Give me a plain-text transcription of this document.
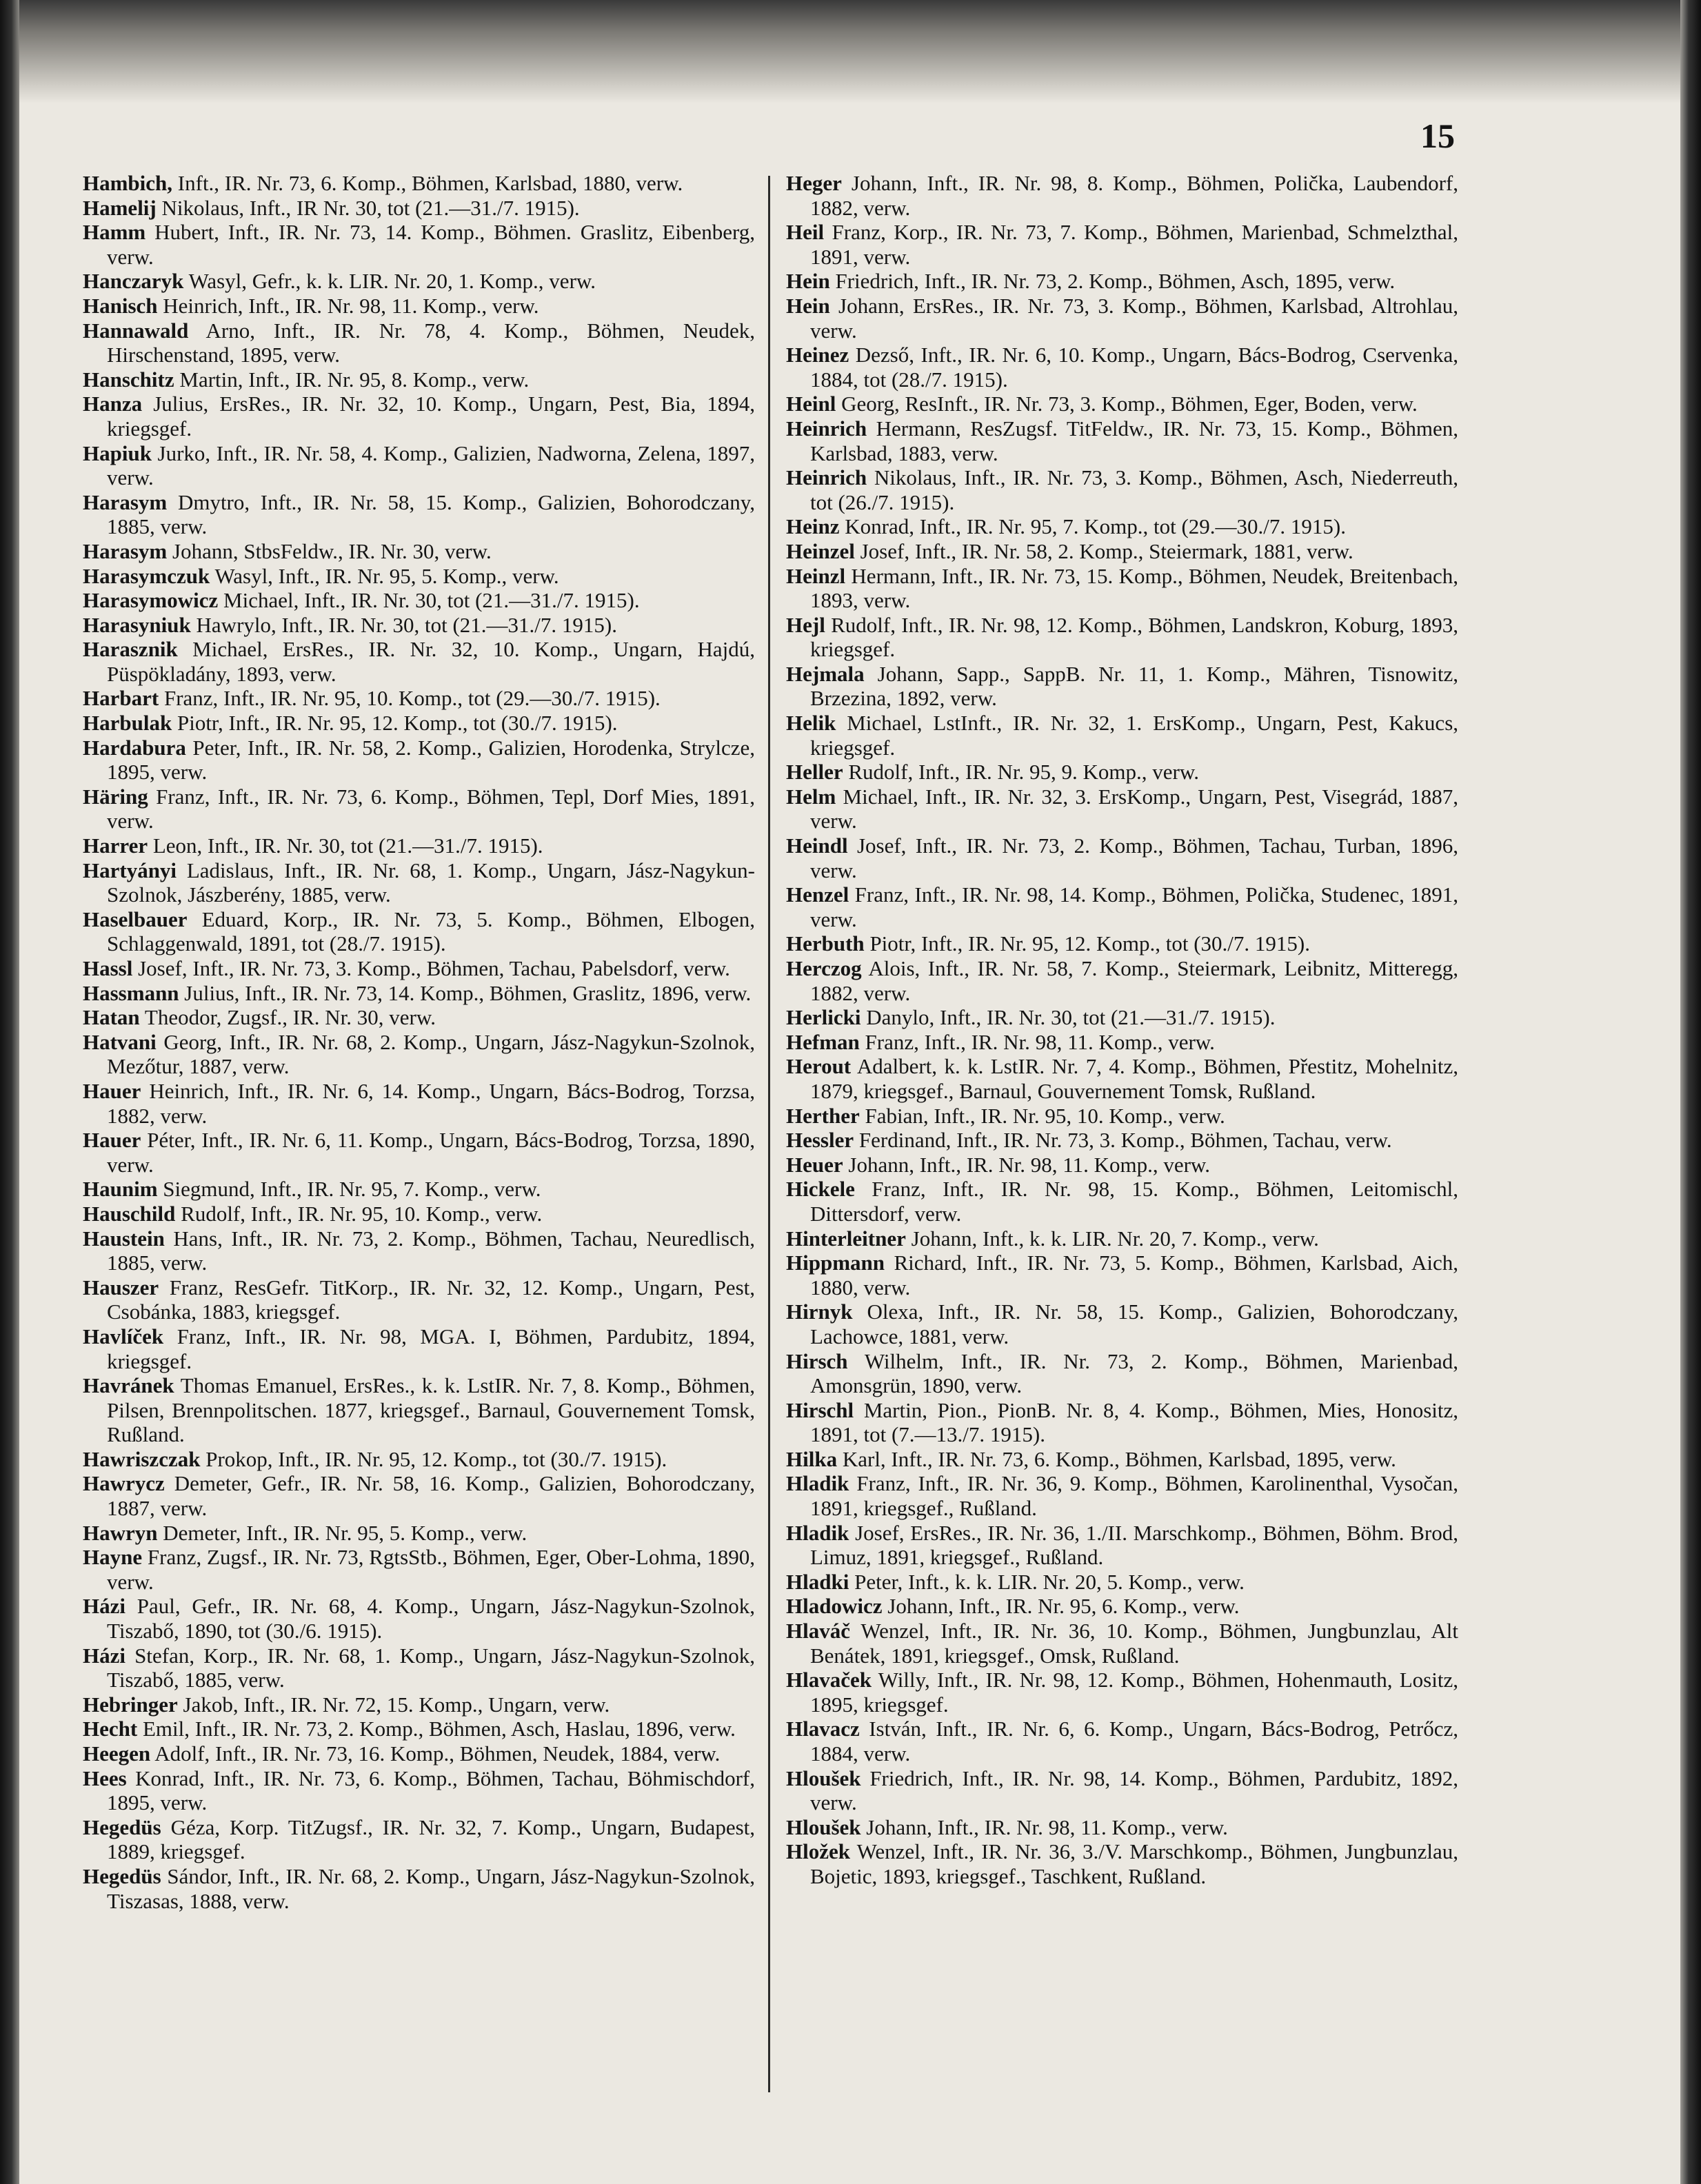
15

Hambich, Inft., IR. Nr. 73, 6. Komp., Böhmen, Karlsbad, 1880, verw.

Hamelij Nikolaus, Inft., IR Nr. 30, tot (21.—31./7. 1915).

Hamm Hubert, Inft., IR. Nr. 73, 14. Komp., Böhmen. Graslitz, Eibenberg, verw.

Hanczaryk Wasyl, Gefr., k. k. LIR. Nr. 20, 1. Komp., verw.

Hanisch Heinrich, Inft., IR. Nr. 98, 11. Komp., verw.

Hannawald Arno, Inft., IR. Nr. 78, 4. Komp., Böhmen, Neudek, Hirschenstand, 1895, verw.

Hanschitz Martin, Inft., IR. Nr. 95, 8. Komp., verw.

Hanza Julius, ErsRes., IR. Nr. 32, 10. Komp., Ungarn, Pest, Bia, 1894, kriegsgef.

Hapiuk Jurko, Inft., IR. Nr. 58, 4. Komp., Galizien, Nadworna, Zelena, 1897, verw.

Harasym Dmytro, Inft., IR. Nr. 58, 15. Komp., Galizien, Bohorodczany, 1885, verw.

Harasym Johann, StbsFeldw., IR. Nr. 30, verw.

Harasymczuk Wasyl, Inft., IR. Nr. 95, 5. Komp., verw.

Harasymowicz Michael, Inft., IR. Nr. 30, tot (21.—31./7. 1915).

Harasyniuk Hawrylo, Inft., IR. Nr. 30, tot (21.—31./7. 1915).

Harasznik Michael, ErsRes., IR. Nr. 32, 10. Komp., Ungarn, Hajdú, Püspökladány, 1893, verw.

Harbart Franz, Inft., IR. Nr. 95, 10. Komp., tot (29.—30./7. 1915).

Harbulak Piotr, Inft., IR. Nr. 95, 12. Komp., tot (30./7. 1915).

Hardabura Peter, Inft., IR. Nr. 58, 2. Komp., Galizien, Horodenka, Strylcze, 1895, verw.

Häring Franz, Inft., IR. Nr. 73, 6. Komp., Böhmen, Tepl, Dorf Mies, 1891, verw.

Harrer Leon, Inft., IR. Nr. 30, tot (21.—31./7. 1915).

Hartyányi Ladislaus, Inft., IR. Nr. 68, 1. Komp., Ungarn, Jász-Nagykun-Szolnok, Jászberény, 1885, verw.

Haselbauer Eduard, Korp., IR. Nr. 73, 5. Komp., Böhmen, Elbogen, Schlaggenwald, 1891, tot (28./7. 1915).

Hassl Josef, Inft., IR. Nr. 73, 3. Komp., Böhmen, Tachau, Pabelsdorf, verw.

Hassmann Julius, Inft., IR. Nr. 73, 14. Komp., Böhmen, Graslitz, 1896, verw.

Hatan Theodor, Zugsf., IR. Nr. 30, verw.

Hatvani Georg, Inft., IR. Nr. 68, 2. Komp., Ungarn, Jász-Nagykun-Szolnok, Mezőtur, 1887, verw.

Hauer Heinrich, Inft., IR. Nr. 6, 14. Komp., Ungarn, Bács-Bodrog, Torzsa, 1882, verw.

Hauer Péter, Inft., IR. Nr. 6, 11. Komp., Ungarn, Bács-Bodrog, Torzsa, 1890, verw.

Haunim Siegmund, Inft., IR. Nr. 95, 7. Komp., verw.

Hauschild Rudolf, Inft., IR. Nr. 95, 10. Komp., verw.

Haustein Hans, Inft., IR. Nr. 73, 2. Komp., Böhmen, Tachau, Neuredlisch, 1885, verw.

Hauszer Franz, ResGefr. TitKorp., IR. Nr. 32, 12. Komp., Ungarn, Pest, Csobánka, 1883, kriegsgef.

Havlíček Franz, Inft., IR. Nr. 98, MGA. I, Böhmen, Pardubitz, 1894, kriegsgef.

Havránek Thomas Emanuel, ErsRes., k. k. LstIR. Nr. 7, 8. Komp., Böhmen, Pilsen, Brennpolitschen. 1877, kriegsgef., Barnaul, Gouvernement Tomsk, Rußland.

Hawriszczak Prokop, Inft., IR. Nr. 95, 12. Komp., tot (30./7. 1915).

Hawrycz Demeter, Gefr., IR. Nr. 58, 16. Komp., Galizien, Bohorodczany, 1887, verw.

Hawryn Demeter, Inft., IR. Nr. 95, 5. Komp., verw.

Hayne Franz, Zugsf., IR. Nr. 73, RgtsStb., Böhmen, Eger, Ober-Lohma, 1890, verw.

Házi Paul, Gefr., IR. Nr. 68, 4. Komp., Ungarn, Jász-Nagykun-Szolnok, Tiszabő, 1890, tot (30./6. 1915).

Házi Stefan, Korp., IR. Nr. 68, 1. Komp., Ungarn, Jász-Nagykun-Szolnok, Tiszabő, 1885, verw.

Hebringer Jakob, Inft., IR. Nr. 72, 15. Komp., Ungarn, verw.

Hecht Emil, Inft., IR. Nr. 73, 2. Komp., Böhmen, Asch, Haslau, 1896, verw.

Heegen Adolf, Inft., IR. Nr. 73, 16. Komp., Böhmen, Neudek, 1884, verw.

Hees Konrad, Inft., IR. Nr. 73, 6. Komp., Böhmen, Tachau, Böhmischdorf, 1895, verw.

Hegedüs Géza, Korp. TitZugsf., IR. Nr. 32, 7. Komp., Ungarn, Budapest, 1889, kriegsgef.

Hegedüs Sándor, Inft., IR. Nr. 68, 2. Komp., Ungarn, Jász-Nagykun-Szolnok, Tiszasas, 1888, verw.

Heger Johann, Inft., IR. Nr. 98, 8. Komp., Böhmen, Polička, Laubendorf, 1882, verw.

Heil Franz, Korp., IR. Nr. 73, 7. Komp., Böhmen, Marienbad, Schmelzthal, 1891, verw.

Hein Friedrich, Inft., IR. Nr. 73, 2. Komp., Böhmen, Asch, 1895, verw.

Hein Johann, ErsRes., IR. Nr. 73, 3. Komp., Böhmen, Karlsbad, Altrohlau, verw.

Heinez Dezső, Inft., IR. Nr. 6, 10. Komp., Ungarn, Bács-Bodrog, Cservenka, 1884, tot (28./7. 1915).

Heinl Georg, ResInft., IR. Nr. 73, 3. Komp., Böhmen, Eger, Boden, verw.

Heinrich Hermann, ResZugsf. TitFeldw., IR. Nr. 73, 15. Komp., Böhmen, Karlsbad, 1883, verw.

Heinrich Nikolaus, Inft., IR. Nr. 73, 3. Komp., Böhmen, Asch, Niederreuth, tot (26./7. 1915).

Heinz Konrad, Inft., IR. Nr. 95, 7. Komp., tot (29.—30./7. 1915).

Heinzel Josef, Inft., IR. Nr. 58, 2. Komp., Steiermark, 1881, verw.

Heinzl Hermann, Inft., IR. Nr. 73, 15. Komp., Böhmen, Neudek, Breitenbach, 1893, verw.

Hejl Rudolf, Inft., IR. Nr. 98, 12. Komp., Böhmen, Landskron, Koburg, 1893, kriegsgef.

Hejmala Johann, Sapp., SappB. Nr. 11, 1. Komp., Mähren, Tisnowitz, Brzezina, 1892, verw.

Helik Michael, LstInft., IR. Nr. 32, 1. ErsKomp., Ungarn, Pest, Kakucs, kriegsgef.

Heller Rudolf, Inft., IR. Nr. 95, 9. Komp., verw.

Helm Michael, Inft., IR. Nr. 32, 3. ErsKomp., Ungarn, Pest, Visegrád, 1887, verw.

Heindl Josef, Inft., IR. Nr. 73, 2. Komp., Böhmen, Tachau, Turban, 1896, verw.

Henzel Franz, Inft., IR. Nr. 98, 14. Komp., Böhmen, Polička, Studenec, 1891, verw.

Herbuth Piotr, Inft., IR. Nr. 95, 12. Komp., tot (30./7. 1915).

Herczog Alois, Inft., IR. Nr. 58, 7. Komp., Steiermark, Leibnitz, Mitteregg, 1882, verw.

Herlicki Danylo, Inft., IR. Nr. 30, tot (21.—31./7. 1915).

Hefman Franz, Inft., IR. Nr. 98, 11. Komp., verw.

Herout Adalbert, k. k. LstIR. Nr. 7, 4. Komp., Böhmen, Přestitz, Mohelnitz, 1879, kriegsgef., Barnaul, Gouvernement Tomsk, Rußland.

Herther Fabian, Inft., IR. Nr. 95, 10. Komp., verw.

Hessler Ferdinand, Inft., IR. Nr. 73, 3. Komp., Böhmen, Tachau, verw.

Heuer Johann, Inft., IR. Nr. 98, 11. Komp., verw.

Hickele Franz, Inft., IR. Nr. 98, 15. Komp., Böhmen, Leitomischl, Dittersdorf, verw.

Hinterleitner Johann, Inft., k. k. LIR. Nr. 20, 7. Komp., verw.

Hippmann Richard, Inft., IR. Nr. 73, 5. Komp., Böhmen, Karlsbad, Aich, 1880, verw.

Hirnyk Olexa, Inft., IR. Nr. 58, 15. Komp., Galizien, Bohorodczany, Lachowce, 1881, verw.

Hirsch Wilhelm, Inft., IR. Nr. 73, 2. Komp., Böhmen, Marienbad, Amonsgrün, 1890, verw.

Hirschl Martin, Pion., PionB. Nr. 8, 4. Komp., Böhmen, Mies, Honositz, 1891, tot (7.—13./7. 1915).

Hilka Karl, Inft., IR. Nr. 73, 6. Komp., Böhmen, Karlsbad, 1895, verw.

Hladik Franz, Inft., IR. Nr. 36, 9. Komp., Böhmen, Karolinenthal, Vysočan, 1891, kriegsgef., Rußland.

Hladik Josef, ErsRes., IR. Nr. 36, 1./II. Marschkomp., Böhmen, Böhm. Brod, Limuz, 1891, kriegsgef., Rußland.

Hladki Peter, Inft., k. k. LIR. Nr. 20, 5. Komp., verw.

Hladowicz Johann, Inft., IR. Nr. 95, 6. Komp., verw.

Hlaváč Wenzel, Inft., IR. Nr. 36, 10. Komp., Böhmen, Jungbunzlau, Alt Benátek, 1891, kriegsgef., Omsk, Rußland.

Hlavaček Willy, Inft., IR. Nr. 98, 12. Komp., Böhmen, Hohenmauth, Lositz, 1895, kriegsgef.

Hlavacz István, Inft., IR. Nr. 6, 6. Komp., Ungarn, Bács-Bodrog, Petrőcz, 1884, verw.

Hloušek Friedrich, Inft., IR. Nr. 98, 14. Komp., Böhmen, Pardubitz, 1892, verw.

Hloušek Johann, Inft., IR. Nr. 98, 11. Komp., verw.

Hložek Wenzel, Inft., IR. Nr. 36, 3./V. Marschkomp., Böhmen, Jungbunzlau, Bojetic, 1893, kriegsgef., Taschkent, Rußland.
